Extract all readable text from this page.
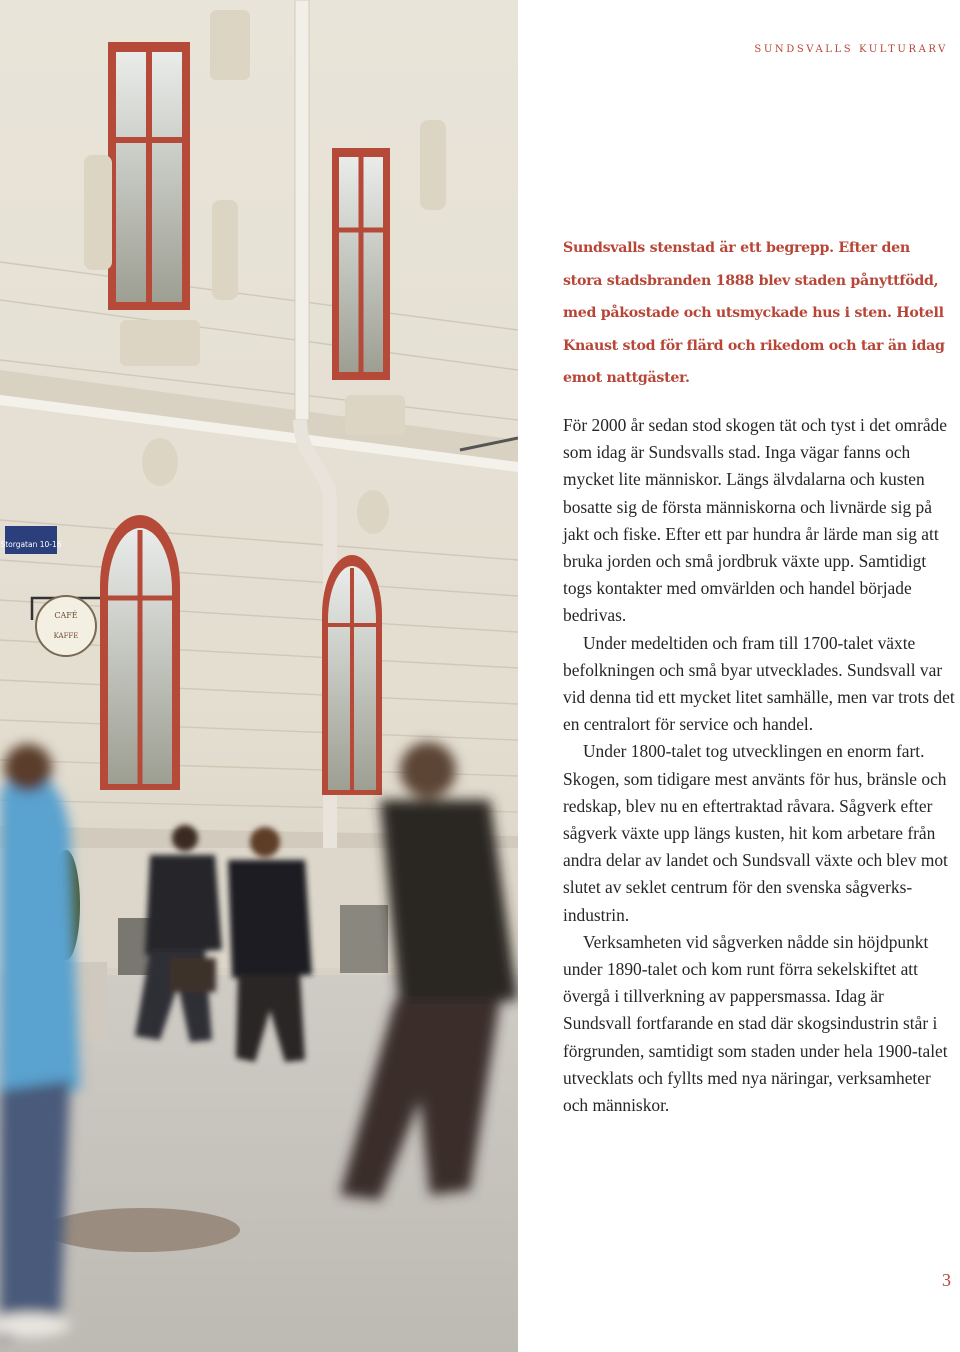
Storgatan 10-16
CAFÉ
KAFFE

SUNDSVALLS KULTURARV

Sundsvalls stenstad är ett begrepp. Efter den stora stadsbranden 1888 blev staden pånyttfödd, med påkostade och utsmyckade hus i sten. Hotell Knaust stod för flärd och rikedom och tar än idag emot nattgäster.

För 2000 år sedan stod skogen tät och tyst i det område som idag är Sundsvalls stad. Inga vägar fanns och mycket lite människor. Längs älvdalarna och kusten bosatte sig de första människorna och livnärde sig på jakt och fiske. Efter ett par hundra år lärde man sig att bruka jorden och små jordbruk växte upp. Samtidigt togs kontakter med omvärlden och handel började bedrivas.

Under medeltiden och fram till 1700-talet växte befolkningen och små byar utvecklades. Sundsvall var vid denna tid ett mycket litet samhälle, men var trots det en centralort för service och handel.

Under 1800-talet tog utvecklingen en enorm fart. Skogen, som tidigare mest använts för hus, bränsle och redskap, blev nu en eftertraktad råvara. Sågverk efter sågverk växte upp längs kusten, hit kom arbetare från andra delar av landet och Sundsvall växte och blev mot slutet av seklet centrum för den svenska sågverksindustrin.

Verksamheten vid sågverken nådde sin höjdpunkt under 1890-talet och kom runt förra sekelskiftet att övergå i tillverkning av pappersmassa. Idag är Sundsvall fortfarande en stad där skogsindustrin står i förgrunden, samtidigt som staden under hela 1900-talet utvecklats och fyllts med nya näringar, verksamheter och människor.

3
